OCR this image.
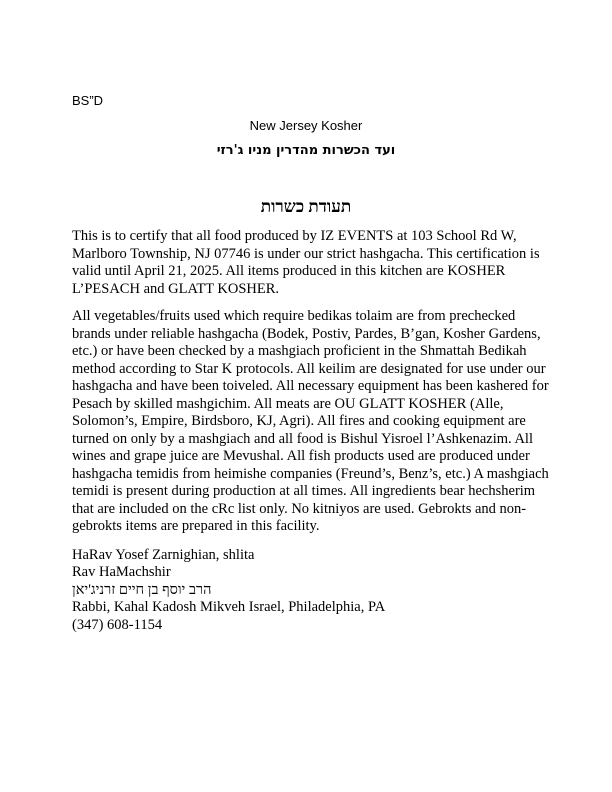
BS”D
New Jersey Kosher
ועד הכשרות מהדרין מניו ג'רזי
תעודת כשרות
This is to certify that all food produced by IZ EVENTS at 103 School Rd W,
Marlboro Township, NJ 07746 is under our strict hashgacha. This certification is
valid until April 21, 2025. All items produced in this kitchen are KOSHER
L’PESACH and GLATT KOSHER.
All vegetables/fruits used which require bedikas tolaim are from prechecked
brands under reliable hashgacha (Bodek, Postiv, Pardes, B’gan, Kosher Gardens,
etc.) or have been checked by a mashgiach proficient in the Shmattah Bedikah
method according to Star K protocols. All keilim are designated for use under our
hashgacha and have been toiveled. All necessary equipment has been kashered for
Pesach by skilled mashgichim. All meats are OU GLATT KOSHER (Alle,
Solomon’s, Empire, Birdsboro, KJ, Agri). All fires and cooking equipment are
turned on only by a mashgiach and all food is Bishul Yisroel l’Ashkenazim. All
wines and grape juice are Mevushal. All fish products used are produced under
hashgacha temidis from heimishe companies (Freund’s, Benz’s, etc.) A mashgiach
temidi is present during production at all times. All ingredients bear hechsherim
that are included on the cRc list only. No kitniyos are used. Gebrokts and non-
gebrokts items are prepared in this facility.
HaRav Yosef Zarnighian, shlita
Rav HaMachshir
הרב יוסף בן חיים זרניג'יאן
Rabbi, Kahal Kadosh Mikveh Israel, Philadelphia, PA
(347) 608-1154
